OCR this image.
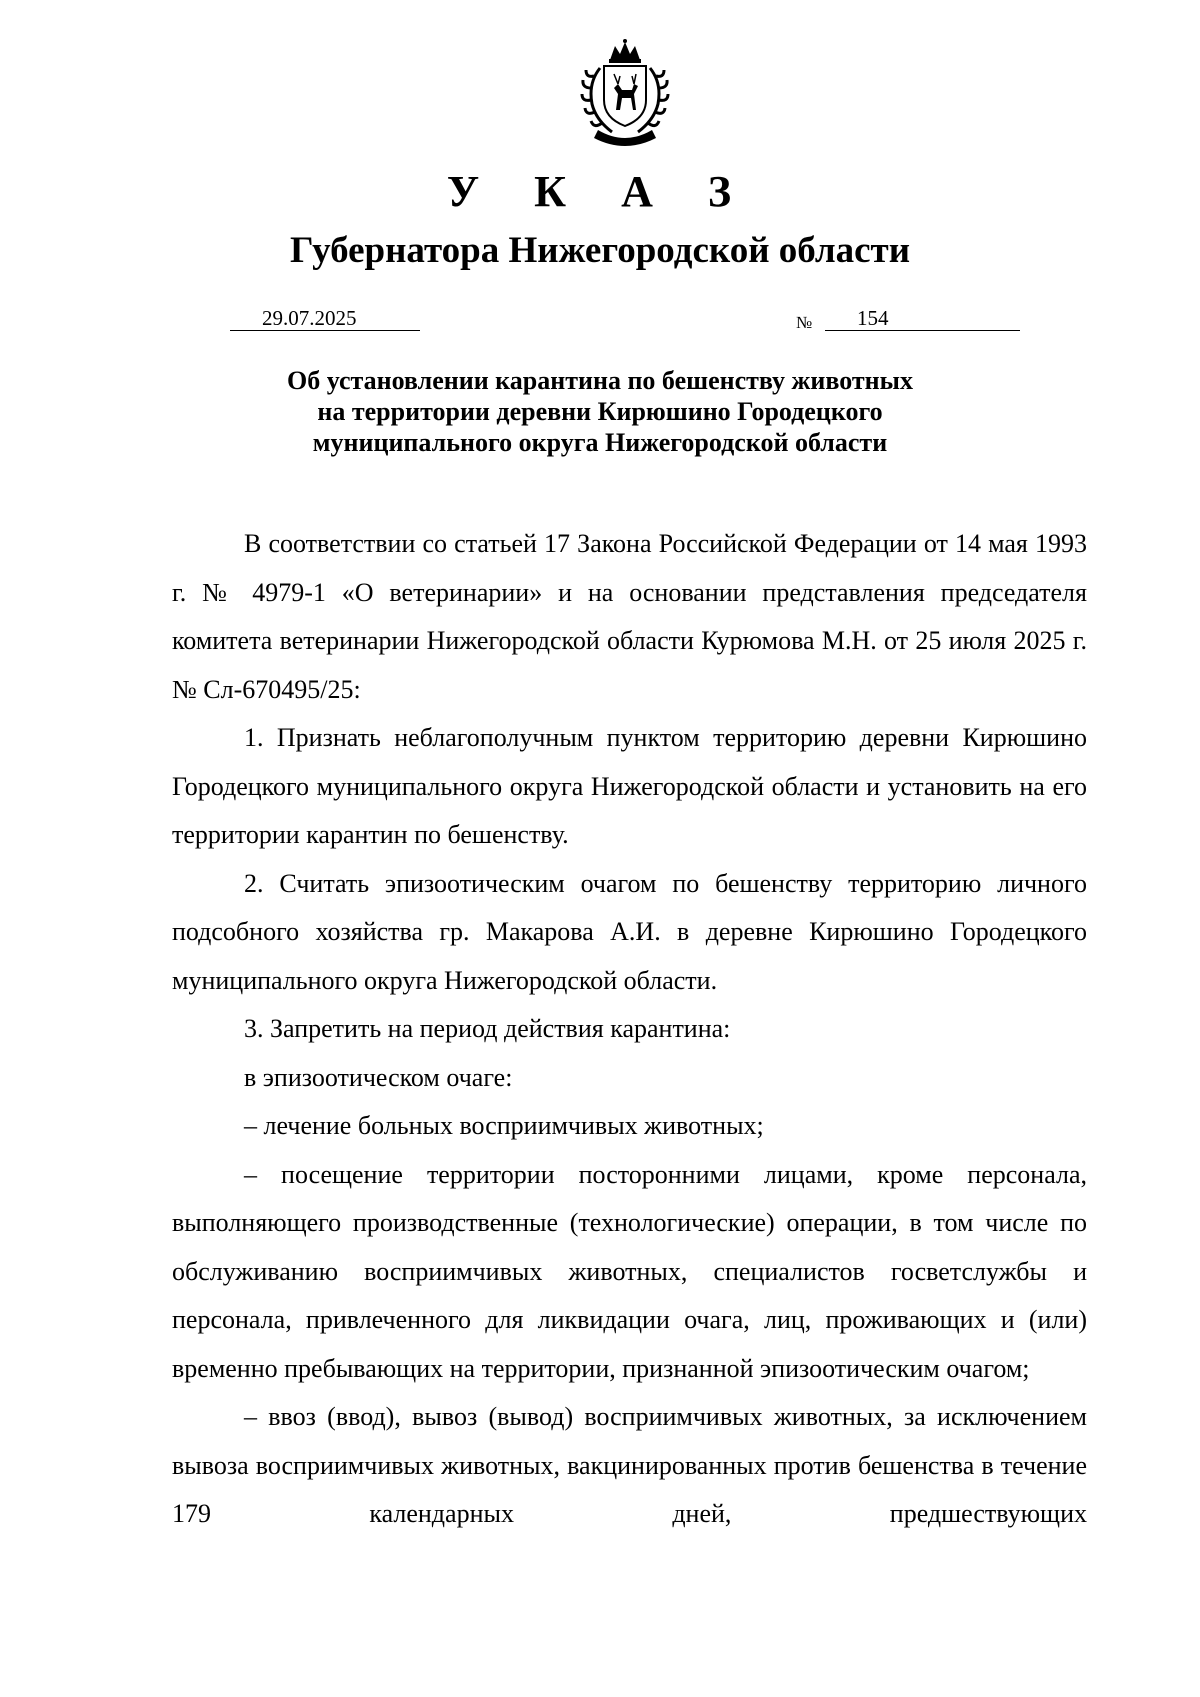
У К А З
Губернатора Нижегородской области
29.07.2025	№	154
Об установлении карантина по бешенству животных
на территории деревни Кирюшино Городецкого
муниципального округа Нижегородской области

В соответствии со статьей 17 Закона Российской Федерации от 14 мая 1993 г. № 4979-1 «О ветеринарии» и на основании представления председателя комитета ветеринарии Нижегородской области Курюмова М.Н. от 25 июля 2025 г. № Сл-670495/25:

1. Признать неблагополучным пунктом территорию деревни Кирюшино Городецкого муниципального округа Нижегородской области и установить на его территории карантин по бешенству.

2. Считать эпизоотическим очагом по бешенству территорию личного подсобного хозяйства гр. Макарова А.И. в деревне Кирюшино Городецкого муниципального округа Нижегородской области.

3. Запретить на период действия карантина:

в эпизоотическом очаге:

– лечение больных восприимчивых животных;

– посещение территории посторонними лицами, кроме персонала, выполняющего производственные (технологические) операции, в том числе по обслуживанию восприимчивых животных, специалистов госветслужбы и персонала, привлеченного для ликвидации очага, лиц, проживающих и (или) временно пребывающих на территории, признанной эпизоотическим очагом;

– ввоз (ввод), вывоз (вывод) восприимчивых животных, за исключением вывоза восприимчивых животных, вакцинированных против бешенства в течение 179 календарных дней, предшествующих
